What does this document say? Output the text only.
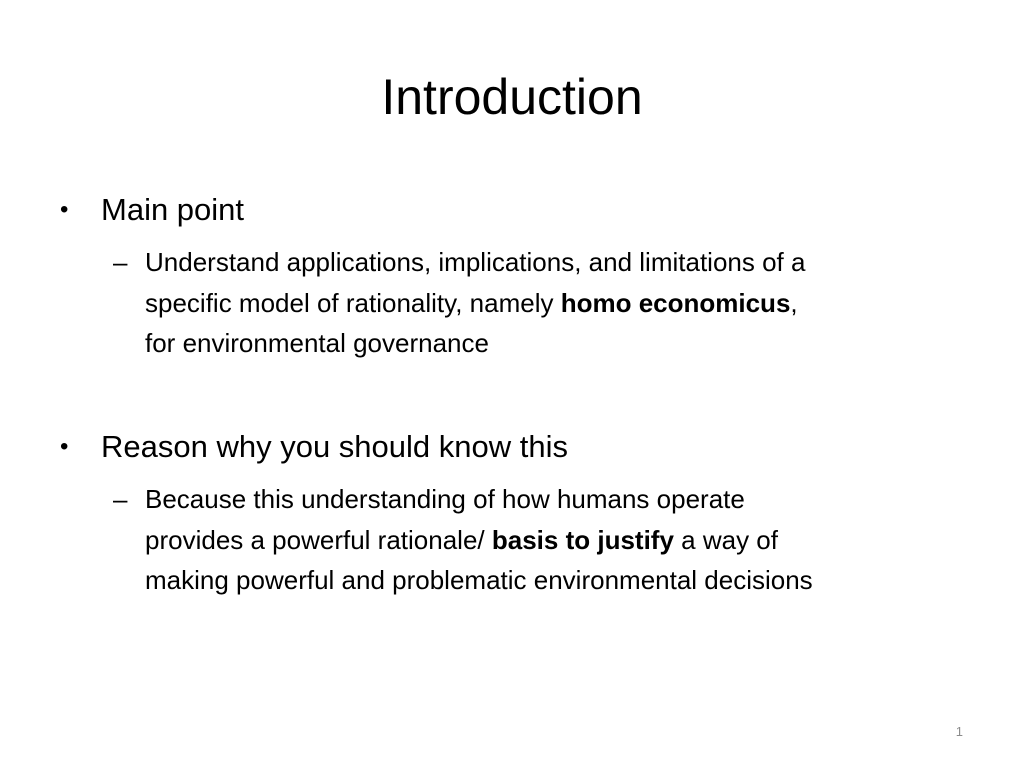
Introduction
•	Main point
– Understand applications, implications, and limitations of a
specific model of rationality, namely homo economicus,
for environmental governance
•	Reason why you should know this
– Because this understanding of how humans operate
provides a powerful rationale/ basis to justify a way of
making powerful and problematic environmental decisions
1
